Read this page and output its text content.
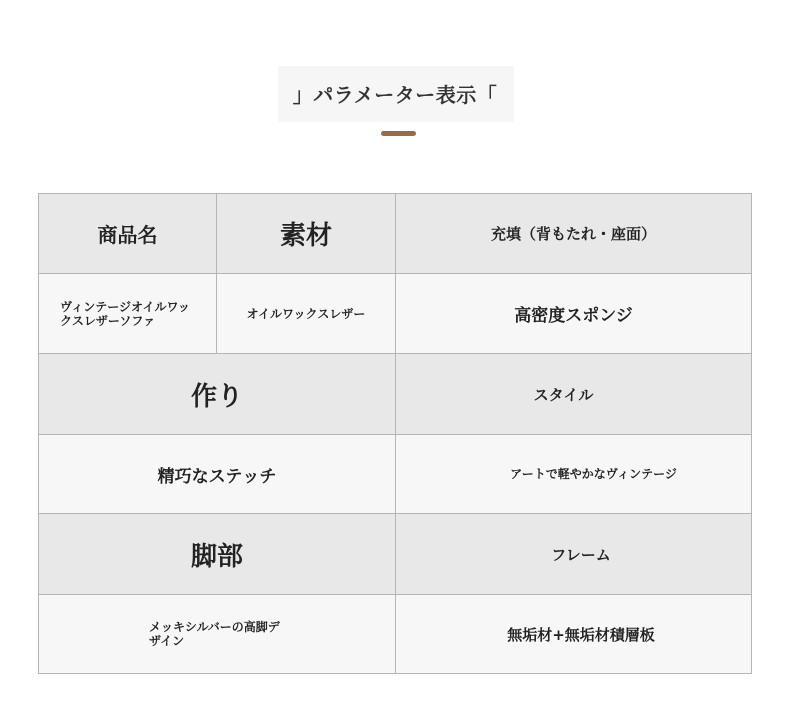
」パラメーター表示「
商品名	素材	充填（背もたれ・座面）
ヴィンテージオイルワックスレザーソファ	オイルワックスレザー	高密度スポンジ
作り	スタイル
精巧なステッチ	アートで軽やかなヴィンテージ
脚部	フレーム
メッキシルバーの高脚デザイン	無垢材+無垢材積層板
